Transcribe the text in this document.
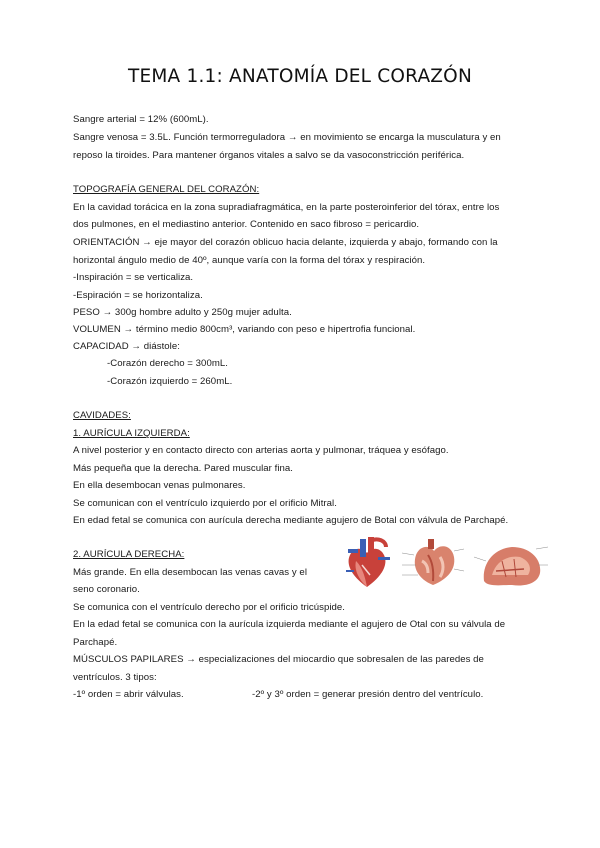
TEMA 1.1: ANATOMÍA DEL CORAZÓN
Sangre arterial = 12% (600mL).
Sangre venosa = 3.5L. Función termorreguladora → en movimiento se encarga la musculatura y en
reposo la tiroides. Para mantener órganos vitales a salvo se da vasoconstricción periférica.
TOPOGRAFÍA GENERAL DEL CORAZÓN:
En la cavidad torácica en la zona supradiafragmática, en la parte posteroinferior del tórax, entre los
dos pulmones, en el mediastino anterior. Contenido en saco fibroso = pericardio.
ORIENTACIÓN → eje mayor del corazón oblicuo hacia delante, izquierda y abajo, formando con la
horizontal ángulo medio de 40º, aunque varía con la forma del tórax y respiración.
-Inspiración = se verticaliza.
-Espiración = se horizontaliza.
PESO → 300g hombre adulto y 250g mujer adulta.
VOLUMEN → término medio 800cm³, variando con peso e hipertrofia funcional.
CAPACIDAD → diástole:
-Corazón derecho = 300mL.
-Corazón izquierdo = 260mL.
CAVIDADES:
1. AURÍCULA IZQUIERDA:
A nivel posterior y en contacto directo con arterias aorta y pulmonar, tráquea y esófago.
Más pequeña que la derecha. Pared muscular fina.
En ella desembocan venas pulmonares.
Se comunican con el ventrículo izquierdo por el orificio Mitral.
En edad fetal se comunica con aurícula derecha mediante agujero de Botal con válvula de Parchapé.
2. AURÍCULA DERECHA:
Más grande. En ella desembocan las venas cavas y el
seno coronario.
Se comunica con el ventrículo derecho por el orificio tricúspide.
En la edad fetal se comunica con la aurícula izquierda mediante el agujero de Otal con su válvula de
Parchapé.
MÚSCULOS PAPILARES → especializaciones del miocardio que sobresalen de las paredes de
ventrículos. 3 tipos:
-1º orden = abrir válvulas.	-2º y 3º orden = generar presión dentro del ventrículo.
